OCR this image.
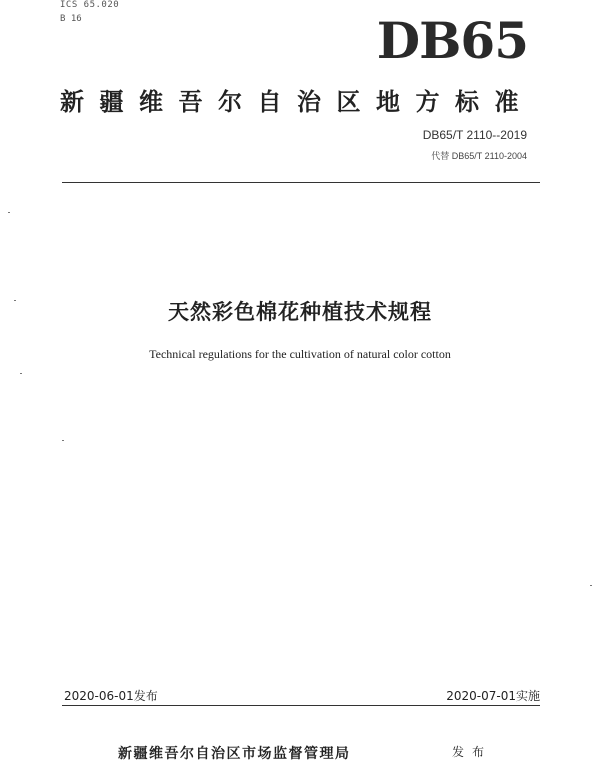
ICS 65.020
B 16	DB65
新疆维吾尔自治区地方标准
DB65/T 2110--2019
代替 DB65/T 2110-2004
天然彩色棉花种植技术规程
Technical regulations for the cultivation of natural color cotton
2020-06-01发布	2020-07-01实施
新疆维吾尔自治区市场监督管理局	发布
